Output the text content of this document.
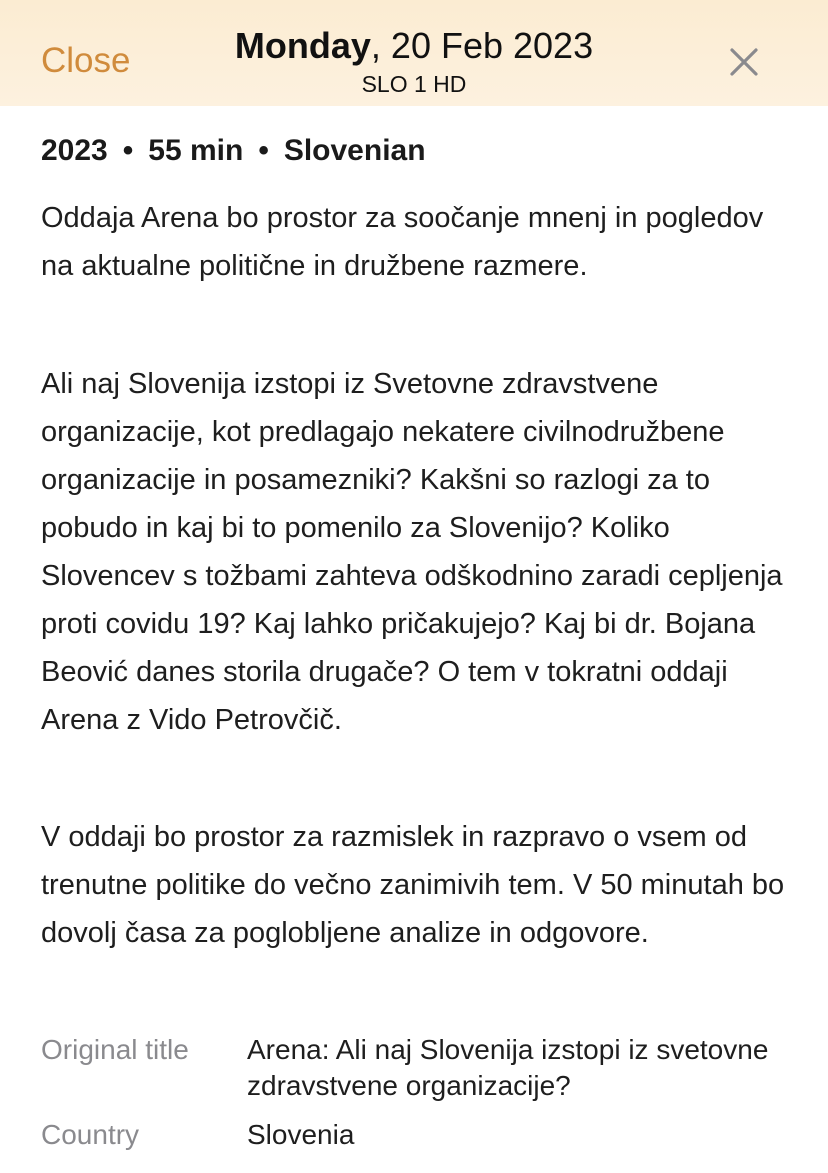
Close	Monday, 20 Feb 2023
SLO 1 HD
2023 • 55 min • Slovenian

Oddaja Arena bo prostor za soočanje mnenj in pogledov na aktualne politične in družbene razmere.

Ali naj Slovenija izstopi iz Svetovne zdravstvene organizacije, kot predlagajo nekatere civilnodružbene organizacije in posamezniki? Kakšni so razlogi za to pobudo in kaj bi to pomenilo za Slovenijo? Koliko Slovencev s tožbami zahteva odškodnino zaradi cepljenja proti covidu 19? Kaj lahko pričakujejo? Kaj bi dr. Bojana Beović danes storila drugače? O tem v tokratni oddaji Arena z Vido Petrovčič.

V oddaji bo prostor za razmislek in razpravo o vsem od trenutne politike do večno zanimivih tem. V 50 minutah bo dovolj časa za poglobljene analize in odgovore.

Original title Arena: Ali naj Slovenija izstopi iz svetovne zdravstvene organizacije?
Country	Slovenia
